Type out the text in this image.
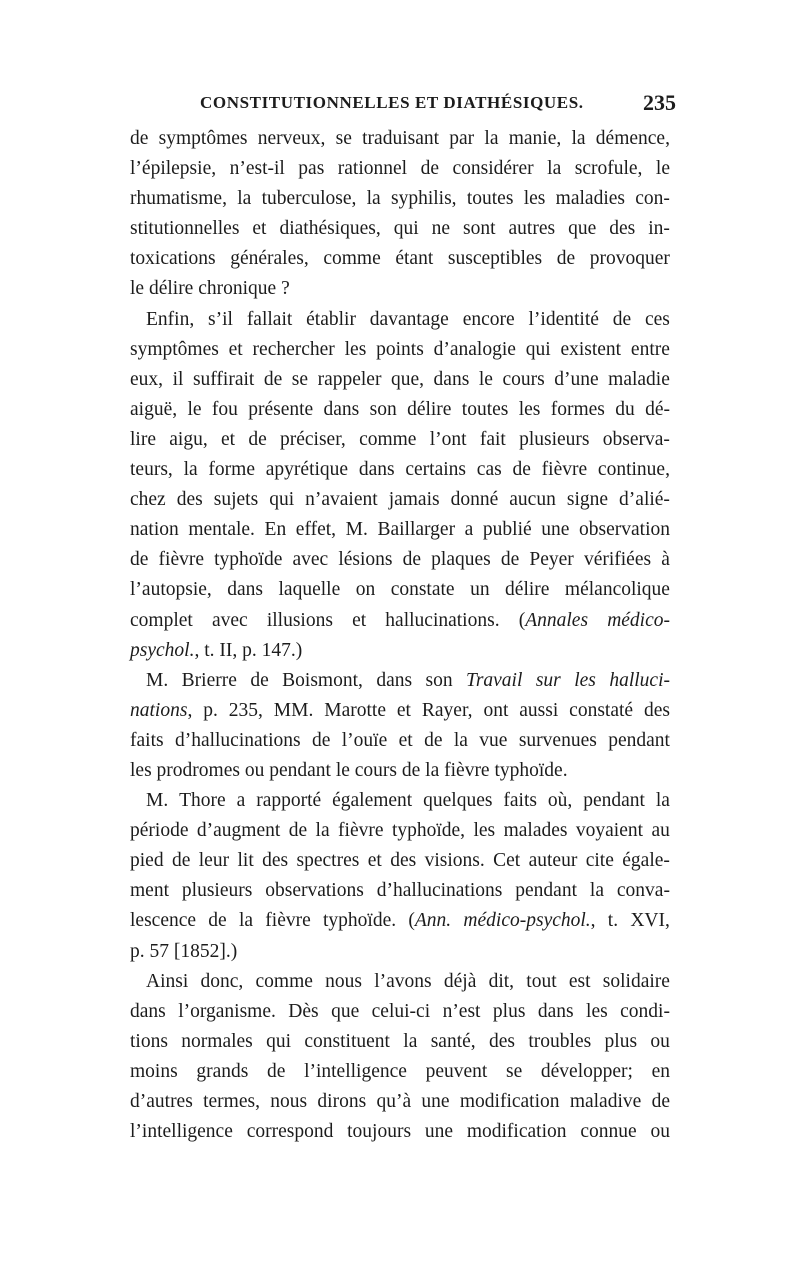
CONSTITUTIONNELLES ET DIATHÉSIQUES.	235
de symptômes nerveux, se traduisant par la manie, la démence,
l’épilepsie, n’est-il pas rationnel de considérer la scrofule, le
rhumatisme, la tuberculose, la syphilis, toutes les maladies con-
stitutionnelles et diathésiques, qui ne sont autres que des in-
toxications générales, comme étant susceptibles de provoquer
le
délire
chronique
?
Enfin, s’il fallait établir davantage encore l’identité de ces
symptômes et rechercher les points d’analogie qui existent entre
eux, il suffirait de se rappeler que, dans le cours d’une maladie
aiguë, le fou présente dans son délire toutes les formes du dé-
lire aigu, et de préciser, comme l’ont fait plusieurs observa-
teurs, la forme apyrétique dans certains cas de fièvre continue,
chez des sujets qui n’avaient jamais donné aucun signe d’alié-
nation mentale. En effet, M. Baillarger a publié une observation
de fièvre typhoïde avec lésions de plaques de Peyer vérifiées à
l’autopsie, dans laquelle on constate un délire mélancolique
complet avec illusions et hallucinations. (Annales médico-
psychol.,
t.
II,
p.
147.)
M. Brierre de Boismont, dans son Travail sur les halluci-
nations, p. 235, MM. Marotte et Rayer, ont aussi constaté des
faits d’hallucinations de l’ouïe et de la vue survenues pendant
les
prodromes
ou
pendant
le
cours
de
la
fièvre
typhoïde.
M. Thore a rapporté également quelques faits où, pendant la
période d’augment de la fièvre typhoïde, les malades voyaient au
pied de leur lit des spectres et des visions. Cet auteur cite égale-
ment plusieurs observations d’hallucinations pendant la conva-
lescence de la fièvre typhoïde. (Ann. médico-psychol., t. XVI,
p.
57
[1852].)
Ainsi donc, comme nous l’avons déjà dit, tout est solidaire
dans l’organisme. Dès que celui-ci n’est plus dans les condi-
tions normales qui constituent la santé, des troubles plus ou
moins grands de l’intelligence peuvent se développer; en
d’autres termes, nous dirons qu’à une modification maladive de
l’intelligence correspond toujours une modification connue ou
